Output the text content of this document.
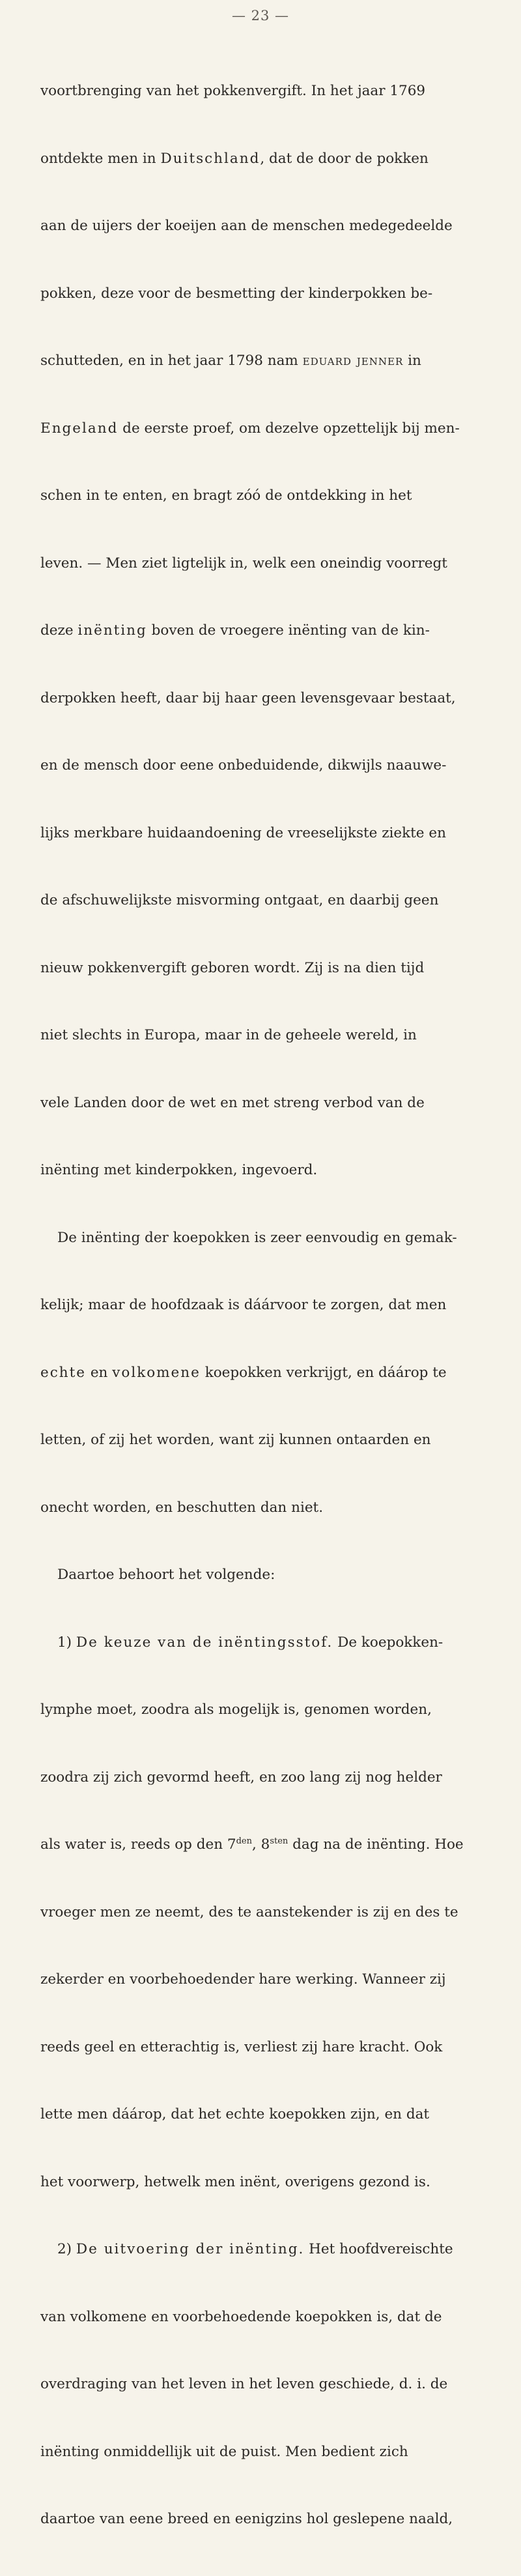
— 23 —

voortbrenging van het pokkenvergift. In het jaar 1769

ontdekte men in Duitschland, dat de door de pokken

aan de uijers der koeijen aan de menschen medegedeelde

pokken, deze voor de besmetting der kinderpokken be-

schutteden, en in het jaar 1798 nam eduard jenner in

Engeland de eerste proef, om dezelve opzettelijk bij men-

schen in te enten, en bragt zóó de ontdekking in het

leven. — Men ziet ligtelijk in, welk een oneindig voorregt

deze inënting boven de vroegere inënting van de kin-

derpokken heeft, daar bij haar geen levensgevaar bestaat,

en de mensch door eene onbeduidende, dikwijls naauwe-

lijks merkbare huidaandoening de vreeselijkste ziekte en

de afschuwelijkste misvorming ontgaat, en daarbij geen

nieuw pokkenvergift geboren wordt. Zij is na dien tijd

niet slechts in Europa, maar in de geheele wereld, in

vele Landen door de wet en met streng verbod van de

inënting met kinderpokken, ingevoerd.

De inënting der koepokken is zeer eenvoudig en gemak-

kelijk; maar de hoofdzaak is dáárvoor te zorgen, dat men

echte en volkomene koepokken verkrijgt, en dáárop te

letten, of zij het worden, want zij kunnen ontaarden en

onecht worden, en beschutten dan niet.

Daartoe behoort het volgende:

1) De keuze van de inëntingsstof. De koepokken-

lymphe moet, zoodra als mogelijk is, genomen worden,

zoodra zij zich gevormd heeft, en zoo lang zij nog helder

als water is, reeds op den $7^{den}$, $8^{sten}$ dag na de inënting. Hoe

vroeger men ze neemt, des te aanstekender is zij en des te

zekerder en voorbehoedender hare werking. Wanneer zij

reeds geel en etterachtig is, verliest zij hare kracht. Ook

lette men dáárop, dat het echte koepokken zijn, en dat

het voorwerp, hetwelk men inënt, overigens gezond is.

2) De uitvoering der inënting. Het hoofdvereischte

van volkomene en voorbehoedende koepokken is, dat de

overdraging van het leven in het leven geschiede, d. i. de

inënting onmiddellijk uit de puist. Men bedient zich

daartoe van eene breed en eenigzins hol geslepene naald,
